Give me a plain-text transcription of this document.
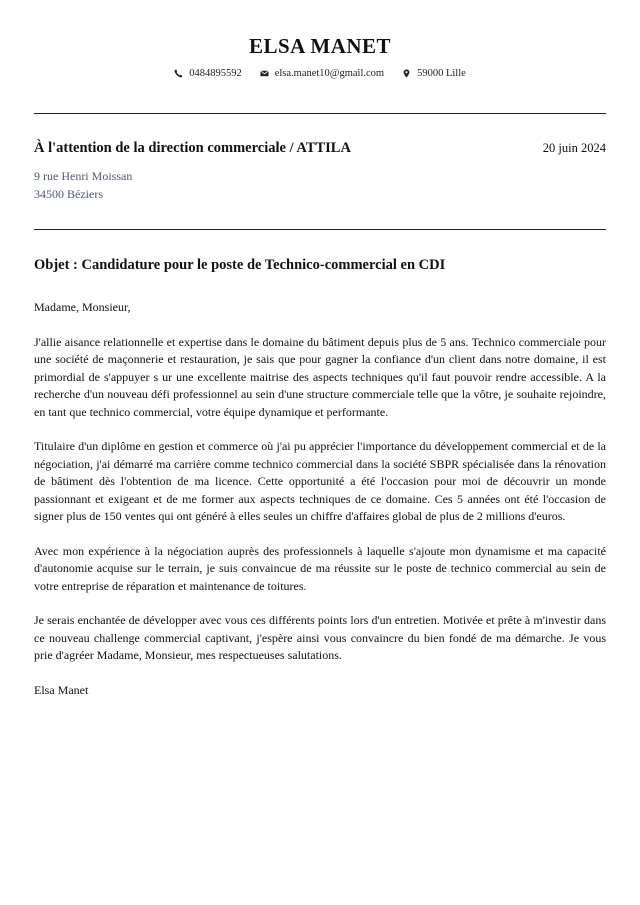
ELSA MANET
0484895592	elsa.manet10@gmail.com	59000 Lille
À l'attention de la direction commerciale / ATTILA	20 juin 2024
9 rue Henri Moissan
34500 Béziers
Objet : Candidature pour le poste de Technico-commercial en CDI

Madame, Monsieur,

J'allie aisance relationnelle et expertise dans le domaine du bâtiment depuis plus de 5 ans. Technico commerciale pour une société de maçonnerie et restauration, je sais que pour gagner la confiance d'un client dans notre domaine, il est primordial de s'appuyer s ur une excellente maitrise des aspects techniques qu'il faut pouvoir rendre accessible. A la recherche d'un nouveau défi professionnel au sein d'une structure commerciale telle que la vôtre, je souhaite rejoindre, en tant que technico commercial, votre équipe dynamique et performante.

Titulaire d'un diplôme en gestion et commerce où j'ai pu apprécier l'importance du développement commercial et de la négociation, j'ai démarré ma carrière comme technico commercial dans la société SBPR spécialisée dans la rénovation de bâtiment dès l'obtention de ma licence. Cette opportunité a été l'occasion pour moi de découvrir un monde passionnant et exigeant et de me former aux aspects techniques de ce domaine. Ces 5 années ont été l'occasion de signer plus de 150 ventes qui ont généré à elles seules un chiffre d'affaires global de plus de 2 millions d'euros.

Avec mon expérience à la négociation auprès des professionnels à laquelle s'ajoute mon dynamisme et ma capacité d'autonomie acquise sur le terrain, je suis convaincue de ma réussite sur le poste de technico commercial au sein de votre entreprise de réparation et maintenance de toitures.

Je serais enchantée de développer avec vous ces différents points lors d'un entretien. Motivée et prête à m'investir dans ce nouveau challenge commercial captivant, j'espère ainsi vous convaincre du bien fondé de ma démarche. Je vous prie d'agréer Madame, Monsieur, mes respectueuses salutations.

Elsa Manet
